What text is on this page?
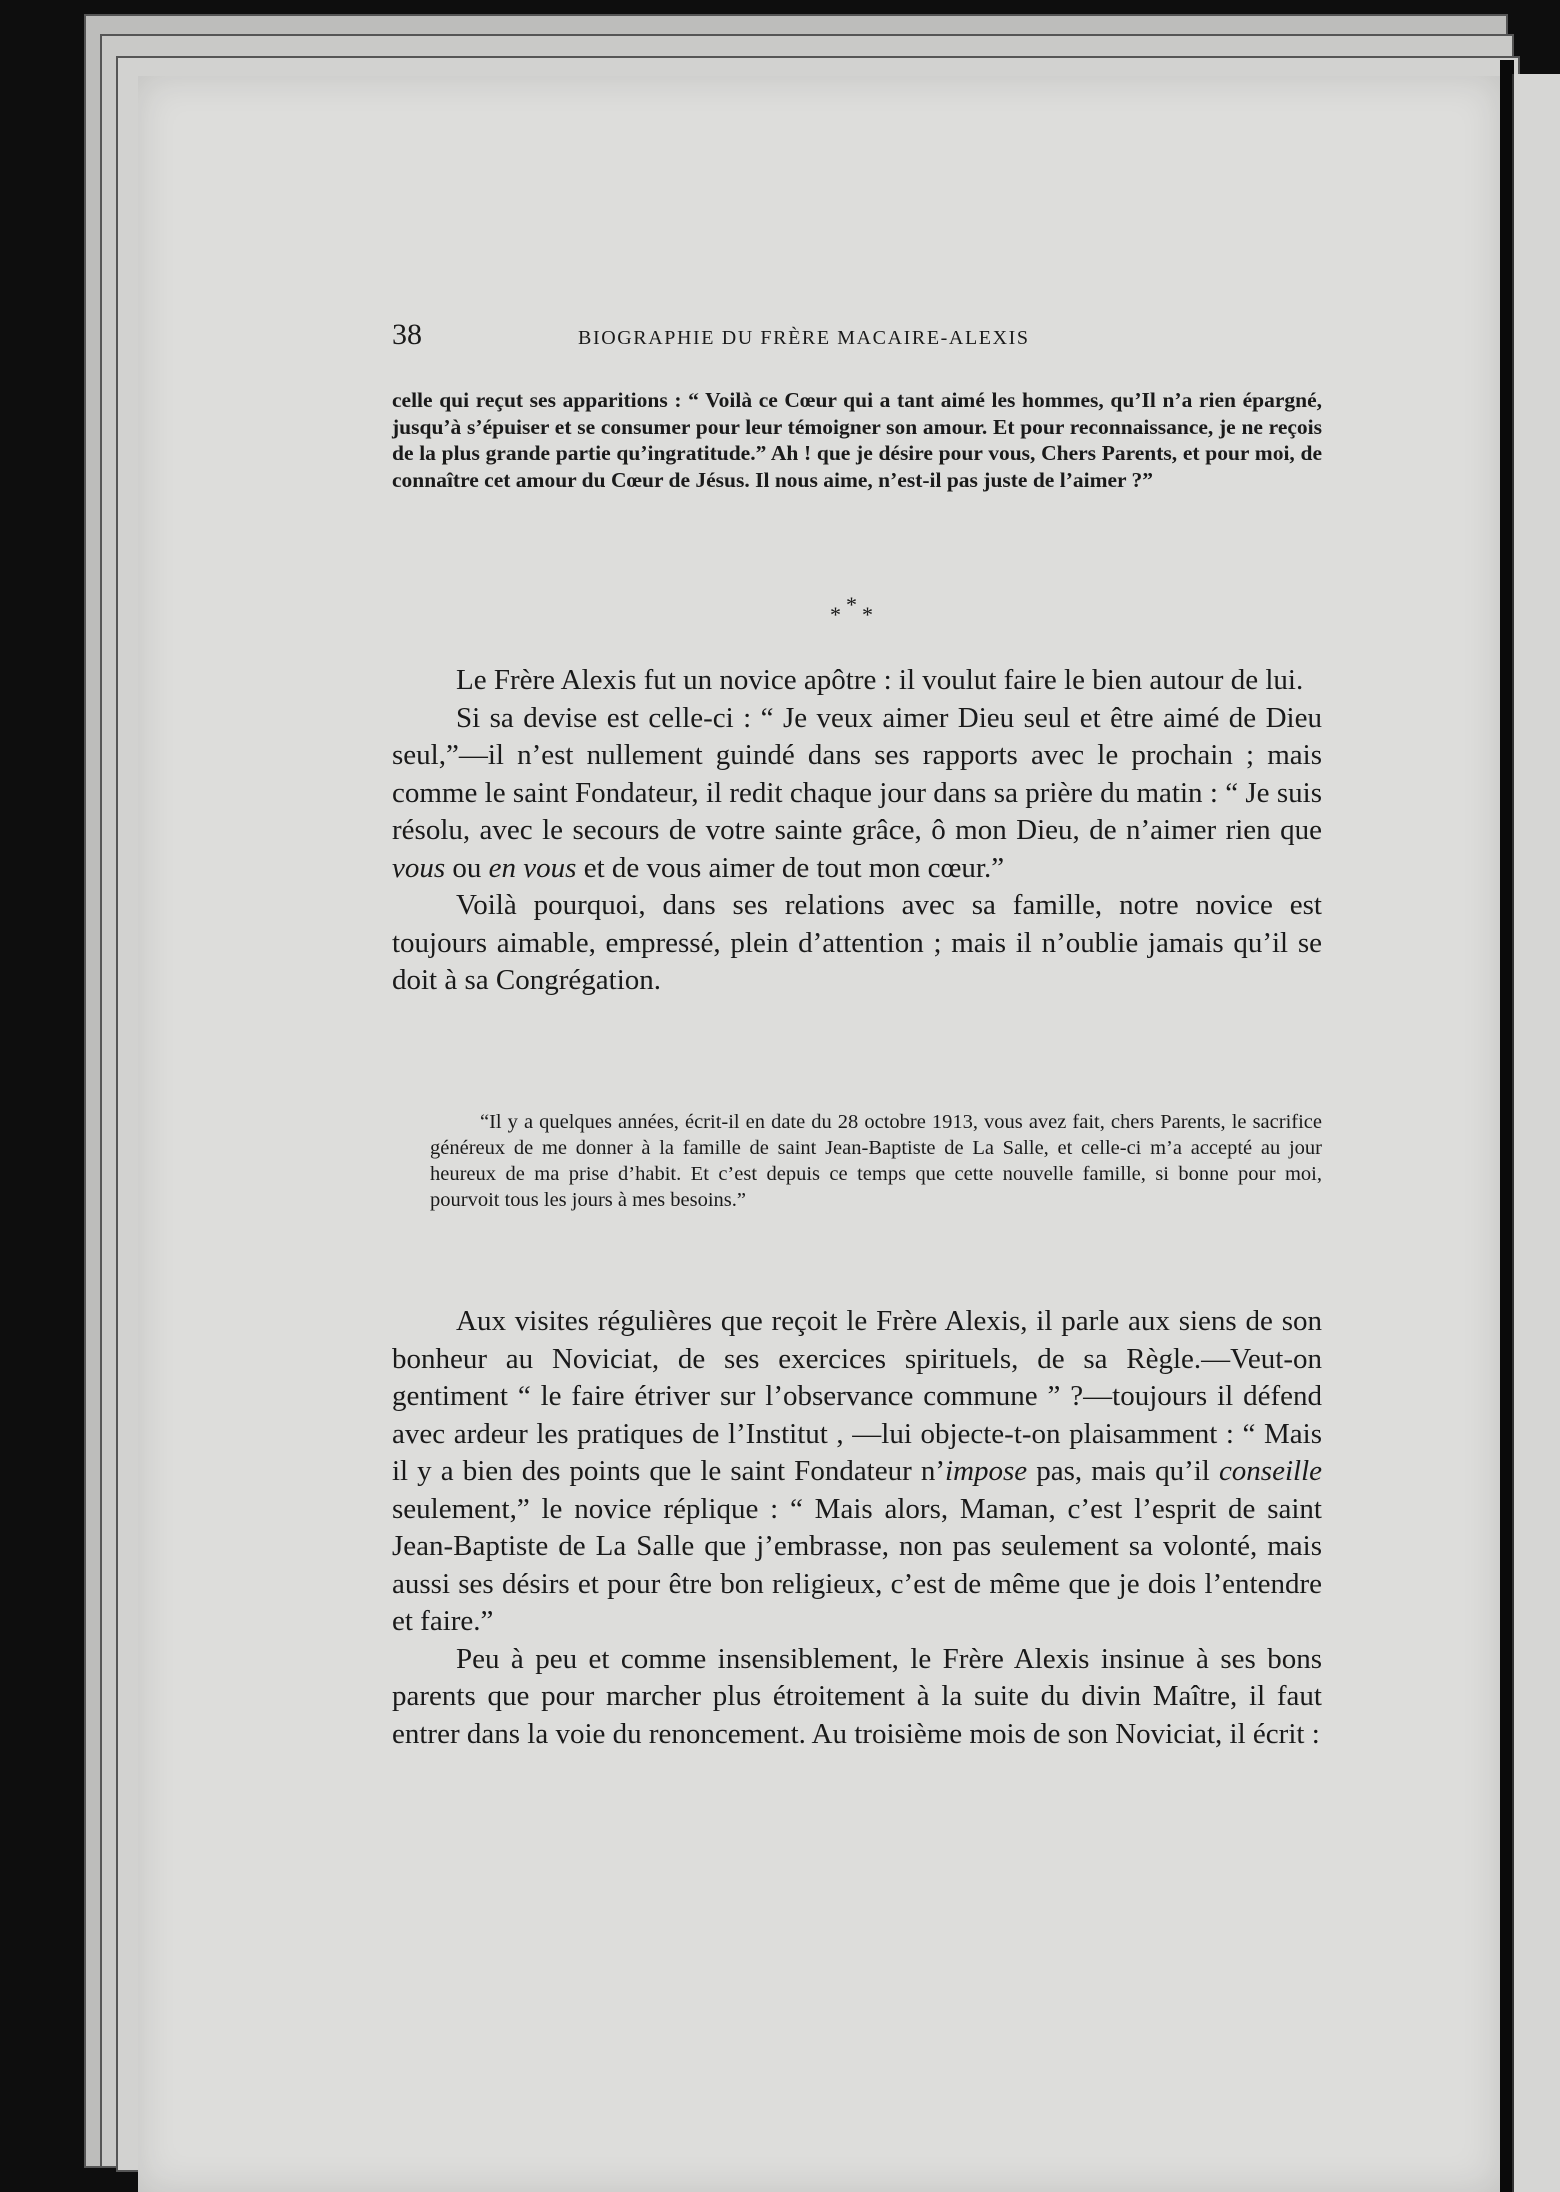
38	BIOGRAPHIE DU FRÈRE MACAIRE-ALEXIS

celle qui reçut ses apparitions : “ Voilà ce Cœur qui a tant aimé les hommes, qu’Il n’a rien épargné, jusqu’à s’épuiser et se consumer pour leur témoigner son amour. Et pour reconnaissance, je ne reçois de la plus grande partie qu’ingratitude.” Ah ! que je désire pour vous, Chers Parents, et pour moi, de connaître cet amour du Cœur de Jésus. Il nous aime, n’est-il pas juste de l’aimer ?”

* * *

Le Frère Alexis fut un novice apôtre : il voulut faire le bien autour de lui.

Si sa devise est celle-ci : “ Je veux aimer Dieu seul et être aimé de Dieu seul,”—il n’est nullement guindé dans ses rapports avec le prochain ; mais comme le saint Fondateur, il redit chaque jour dans sa prière du matin : “ Je suis résolu, avec le secours de votre sainte grâce, ô mon Dieu, de n’aimer rien que vous ou en vous et de vous aimer de tout mon cœur.”

Voilà pourquoi, dans ses relations avec sa famille, notre novice est toujours aimable, empressé, plein d’attention ; mais il n’oublie jamais qu’il se doit à sa Congrégation.

“Il y a quelques années, écrit-il en date du 28 octobre 1913, vous avez fait, chers Parents, le sacrifice généreux de me donner à la famille de saint Jean-Baptiste de La Salle, et celle-ci m’a accepté au jour heureux de ma prise d’habit. Et c’est depuis ce temps que cette nouvelle famille, si bonne pour moi, pourvoit tous les jours à mes besoins.”

Aux visites régulières que reçoit le Frère Alexis, il parle aux siens de son bonheur au Noviciat, de ses exercices spirituels, de sa Règle.—Veut-on gentiment “ le faire étriver sur l’observance commune ” ?—toujours il défend avec ardeur les pratiques de l’Institut , —lui objecte-t-on plaisamment : “ Mais il y a bien des points que le saint Fondateur n’impose pas, mais qu’il conseille seulement,” le novice réplique : “ Mais alors, Maman, c’est l’esprit de saint Jean-Baptiste de La Salle que j’embrasse, non pas seulement sa volonté, mais aussi ses désirs et pour être bon religieux, c’est de même que je dois l’entendre et faire.”

Peu à peu et comme insensiblement, le Frère Alexis insinue à ses bons parents que pour marcher plus étroitement à la suite du divin Maître, il faut entrer dans la voie du renoncement. Au troisième mois de son Noviciat, il écrit :
